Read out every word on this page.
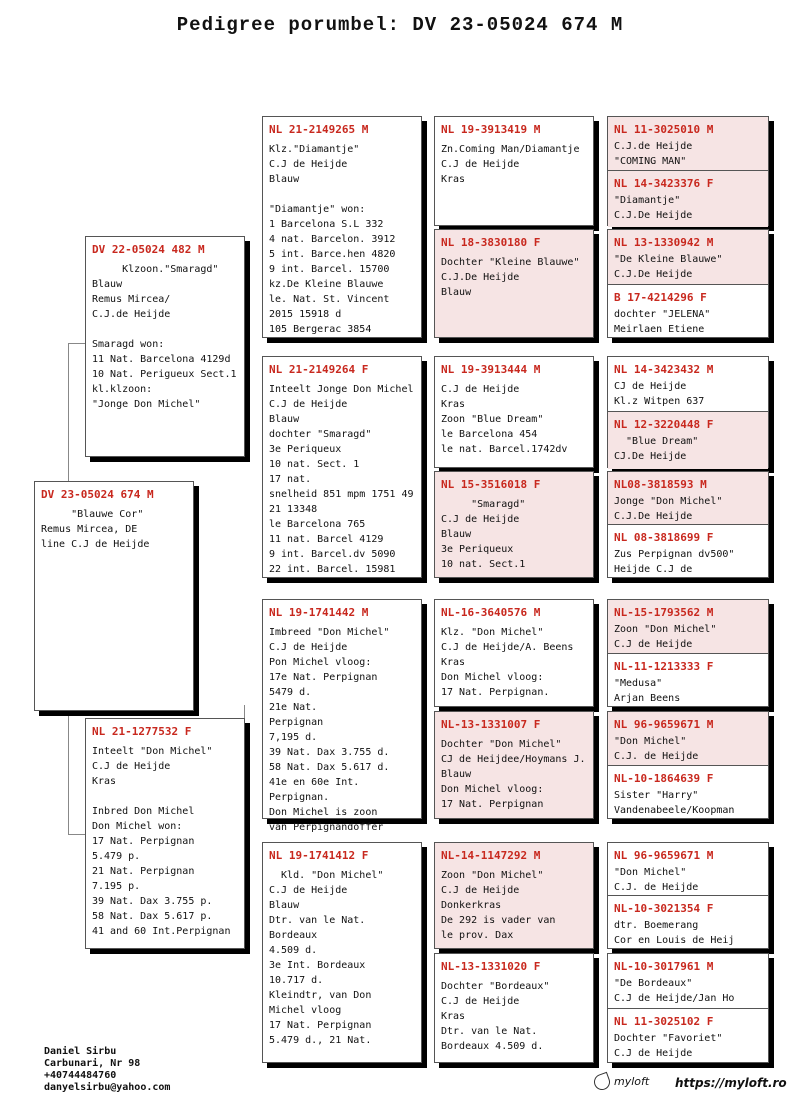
Pedigree porumbel: DV 23-05024 674 M
DV 23-05024 674 M
"Blauwe Cor"
Remus Mircea, DE
line C.J de Heijde
DV 22-05024 482 M
Klzoon."Smaragd"
Blauw
Remus Mircea/
C.J.de Heijde

Smaragd won:
11 Nat. Barcelona 4129d
10 Nat. Perigueux Sect.1
kl.klzoon:
"Jonge Don Michel"
NL 21-1277532 F
Inteelt "Don Michel"
C.J de Heijde
Kras

Inbred Don Michel
Don Michel won:
17 Nat. Perpignan
5.479 p.
21 Nat. Perpignan
7.195 p.
39 Nat. Dax 3.755 p.
58 Nat. Dax 5.617 p.
41 and 60 Int.Perpignan
NL 21-2149265 M
Klz."Diamantje"
C.J de Heijde
Blauw

"Diamantje" won:
1 Barcelona S.L 332
4 nat. Barcelon. 3912
5 int. Barce.hen 4820
9 int. Barcel. 15700
kz.De Kleine Blauwe
le. Nat. St. Vincent
2015 15918 d
105 Bergerac 3854
NL 21-2149264 F
Inteelt Jonge Don Michel
C.J de Heijde
Blauw
dochter "Smaragd"
3e Periqueux
10 nat. Sect. 1
17 nat.
snelheid 851 mpm 1751 49
21 13348
le Barcelona 765
11 nat. Barcel 4129
9 int. Barcel.dv 5090
22 int. Barcel. 15981
NL 19-1741442 M
Imbreed "Don Michel"
C.J de Heijde
Pon Michel vloog:
17e Nat. Perpignan
5479 d.
21e Nat.
Perpignan
7,195 d.
39 Nat. Dax 3.755 d.
58 Nat. Dax 5.617 d.
41e en 60e Int.
Perpignan.
Don Michel is zoon
van Perpignandoffer
NL 19-1741412 F
Kld. "Don Michel"
C.J de Heijde
Blauw
Dtr. van le Nat.
Bordeaux
4.509 d.
3e Int. Bordeaux
10.717 d.
Kleindtr, van Don
Michel vloog
17 Nat. Perpignan
5.479 d., 21 Nat.
NL 19-3913419 M
Zn.Coming Man/Diamantje
C.J de Heijde
Kras
NL 18-3830180 F
Dochter "Kleine Blauwe"
C.J.De Heijde
Blauw
NL 19-3913444 M
C.J de Heijde
Kras
Zoon "Blue Dream"
le Barcelona 454
le nat. Barcel.1742dv
NL 15-3516018 F
"Smaragd"
C.J de Heijde
Blauw
3e Periqueux
10 nat. Sect.1
NL-16-3640576 M
Klz. "Don Michel"
C.J de Heijde/A. Beens
Kras
Don Michel vloog:
17 Nat. Perpignan.
NL-13-1331007 F
Dochter "Don Michel"
CJ de Heijdee/Hoymans J.
Blauw
Don Michel vloog:
17 Nat. Perpignan
NL-14-1147292 M
Zoon "Don Michel"
C.J de Heijde
Donkerkras
De 292 is vader van
le prov. Dax
NL-13-1331020 F
Dochter "Bordeaux"
C.J de Heijde
Kras
Dtr. van le Nat.
Bordeaux 4.509 d.
NL 11-3025010 M
C.J.de Heijde
"COMING MAN"
NL 14-3423376 F
"Diamantje"
C.J.De Heijde
NL 13-1330942 M
"De Kleine Blauwe"
C.J.De Heijde
B 17-4214296 F
dochter "JELENA"
Meirlaen Etiene
NL 14-3423432 M
CJ de Heijde
Kl.z Witpen 637
NL 12-3220448 F
"Blue Dream"
CJ.De Heijde
NL08-3818593 M
Jonge "Don Michel"
C.J.De Heijde
NL 08-3818699 F
Zus Perpignan dv500"
Heijde C.J de
NL-15-1793562 M
Zoon "Don Michel"
C.J de Heijde
NL-11-1213333 F
"Medusa"
Arjan Beens
NL 96-9659671 M
"Don Michel"
C.J. de Heijde
NL-10-1864639 F
Sister "Harry"
Vandenabeele/Koopman
NL 96-9659671 M
"Don Michel"
C.J. de Heijde
NL-10-3021354 F
dtr. Boemerang
Cor en Louis de Heij
NL-10-3017961 M
"De Bordeaux"
C.J de Heijde/Jan Ho
NL 11-3025102 F
Dochter "Favoriet"
C.J de Heijde
Daniel Sirbu
Carbunari, Nr 98
+40744484760
danyelsirbu@yahoo.com	myloft https://myloft.ro
